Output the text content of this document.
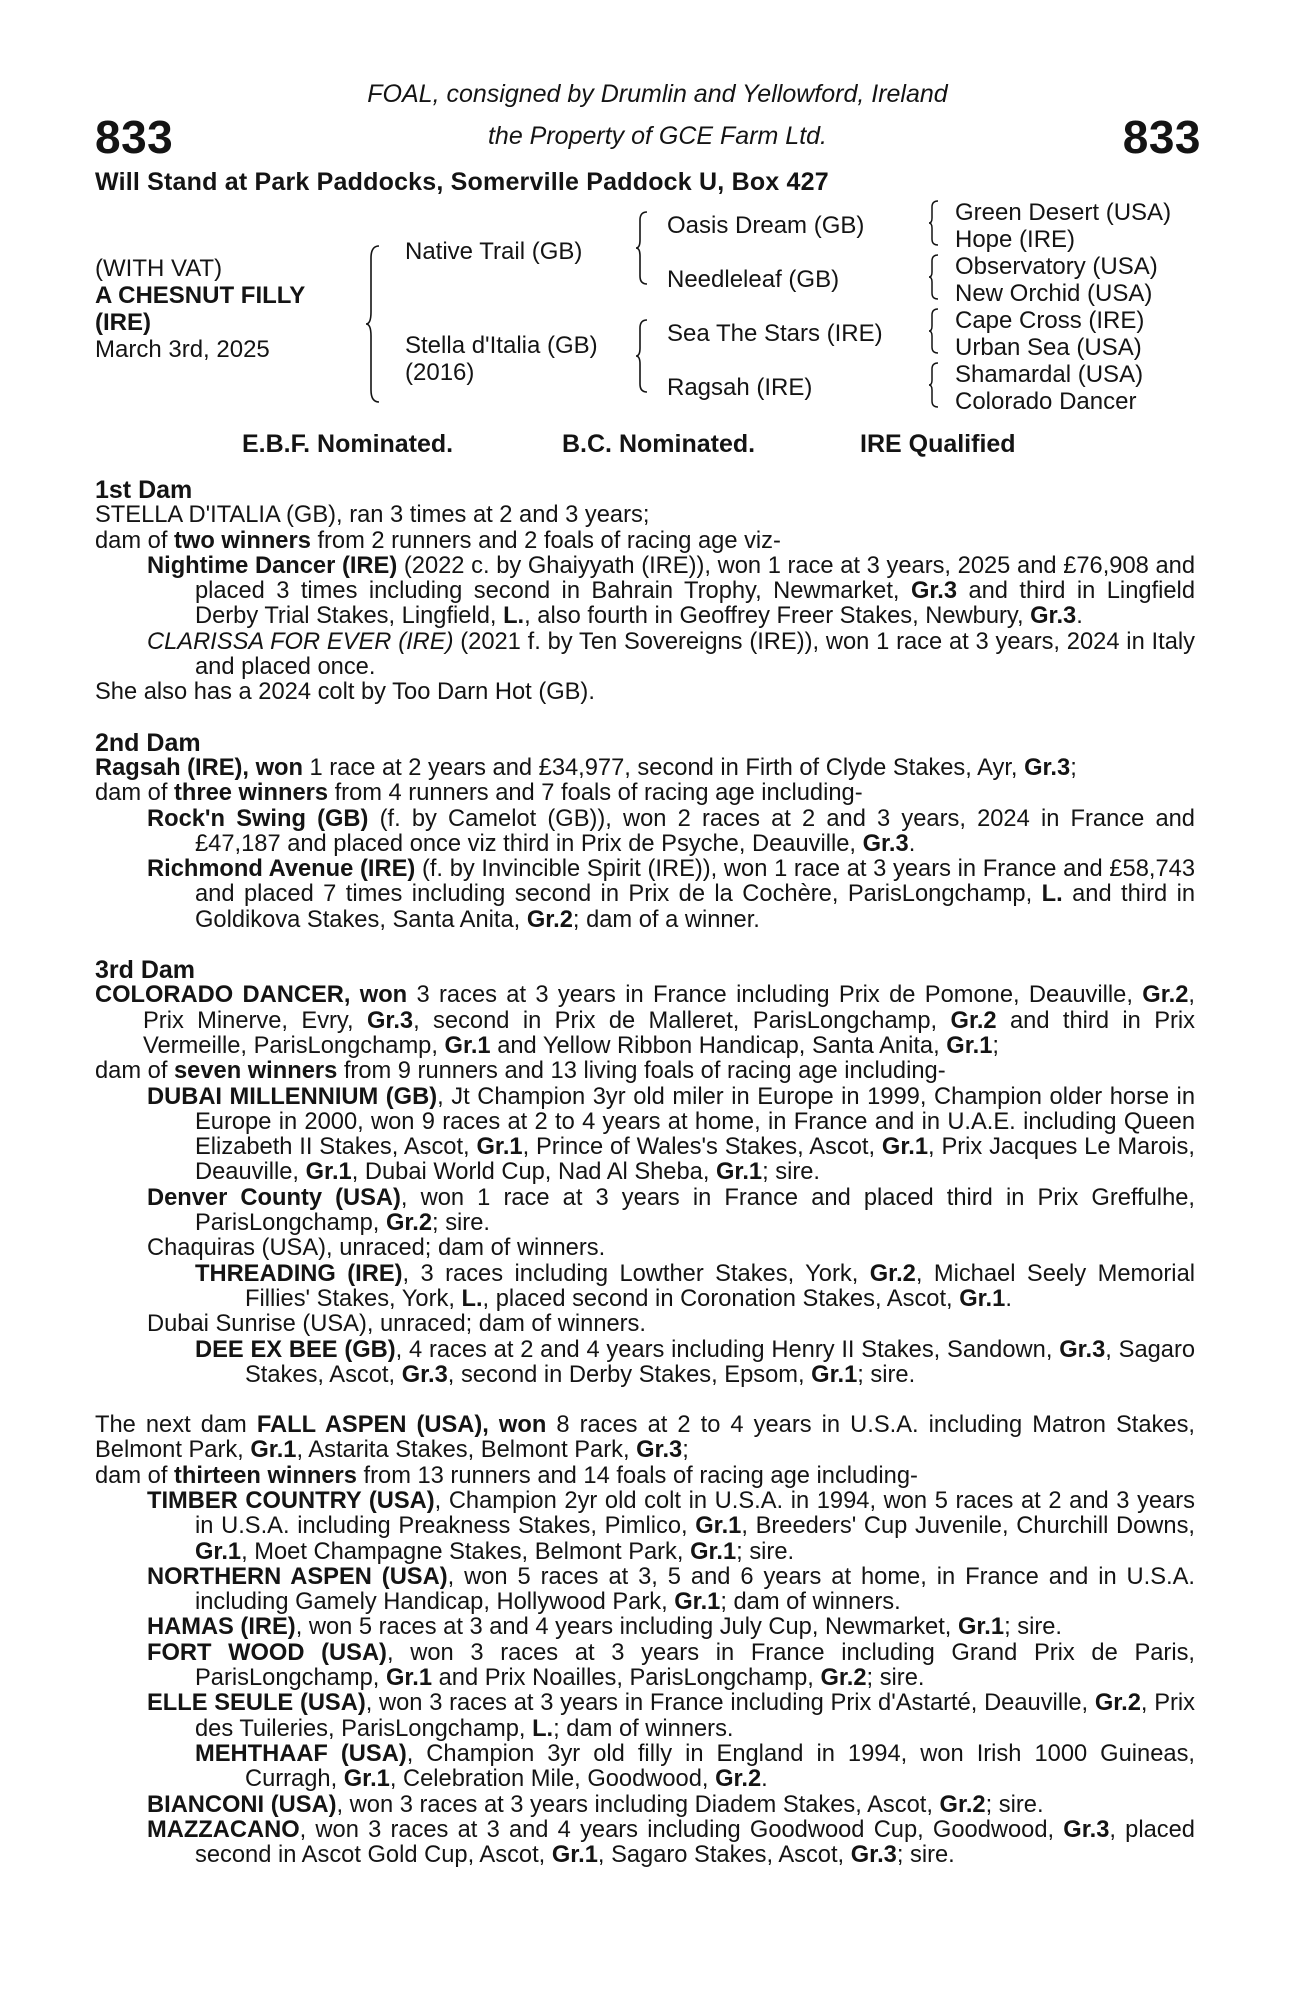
833	833
FOAL, consigned by Drumlin and Yellowford, Ireland
the Property of GCE Farm Ltd.
Will Stand at Park Paddocks, Somerville Paddock U, Box 427
(WITH VAT)
A CHESNUT FILLY
(IRE)
March 3rd, 2025
Native Trail (GB)
Stella d'Italia (GB)
(2016)
Oasis Dream (GB)
Needleleaf (GB)
Sea The Stars (IRE)
Ragsah (IRE)
Green Desert (USA)
Hope (IRE)
Observatory (USA)
New Orchid (USA)
Cape Cross (IRE)
Urban Sea (USA)
Shamardal (USA)
Colorado Dancer
E.B.F. Nominated.	B.C. Nominated.	IRE Qualified

1st Dam

STELLA D'ITALIA (GB), ran 3 times at 2 and 3 years;

dam of two winners from 2 runners and 2 foals of racing age viz-

Nightime Dancer (IRE) (2022 c. by Ghaiyyath (IRE)), won 1 race at 3 years, 2025 and £76,908 and placed 3 times including second in Bahrain Trophy, Newmarket, Gr.3 and third in Lingfield Derby Trial Stakes, Lingfield, L., also fourth in Geoffrey Freer Stakes, Newbury, Gr.3.

CLARISSA FOR EVER (IRE) (2021 f. by Ten Sovereigns (IRE)), won 1 race at 3 years, 2024 in Italy and placed once.

She also has a 2024 colt by Too Darn Hot (GB).

2nd Dam

Ragsah (IRE), won 1 race at 2 years and £34,977, second in Firth of Clyde Stakes, Ayr, Gr.3;

dam of three winners from 4 runners and 7 foals of racing age including-

Rock'n Swing (GB) (f. by Camelot (GB)), won 2 races at 2 and 3 years, 2024 in France and £47,187 and placed once viz third in Prix de Psyche, Deauville, Gr.3.

Richmond Avenue (IRE) (f. by Invincible Spirit (IRE)), won 1 race at 3 years in France and £58,743 and placed 7 times including second in Prix de la Cochère, ParisLongchamp, L. and third in Goldikova Stakes, Santa Anita, Gr.2; dam of a winner.

3rd Dam

COLORADO DANCER, won 3 races at 3 years in France including Prix de Pomone, Deauville, Gr.2, Prix Minerve, Evry, Gr.3, second in Prix de Malleret, ParisLongchamp, Gr.2 and third in Prix Vermeille, ParisLongchamp, Gr.1 and Yellow Ribbon Handicap, Santa Anita, Gr.1;

dam of seven winners from 9 runners and 13 living foals of racing age including-

DUBAI MILLENNIUM (GB), Jt Champion 3yr old miler in Europe in 1999, Champion older horse in Europe in 2000, won 9 races at 2 to 4 years at home, in France and in U.A.E. including Queen Elizabeth II Stakes, Ascot, Gr.1, Prince of Wales's Stakes, Ascot, Gr.1, Prix Jacques Le Marois, Deauville, Gr.1, Dubai World Cup, Nad Al Sheba, Gr.1; sire.

Denver County (USA), won 1 race at 3 years in France and placed third in Prix Greffulhe, ParisLongchamp, Gr.2; sire.

Chaquiras (USA), unraced; dam of winners.

THREADING (IRE), 3 races including Lowther Stakes, York, Gr.2, Michael Seely Memorial Fillies' Stakes, York, L., placed second in Coronation Stakes, Ascot, Gr.1.

Dubai Sunrise (USA), unraced; dam of winners.

DEE EX BEE (GB), 4 races at 2 and 4 years including Henry II Stakes, Sandown, Gr.3, Sagaro Stakes, Ascot, Gr.3, second in Derby Stakes, Epsom, Gr.1; sire.

The next dam FALL ASPEN (USA), won 8 races at 2 to 4 years in U.S.A. including Matron Stakes, Belmont Park, Gr.1, Astarita Stakes, Belmont Park, Gr.3;

dam of thirteen winners from 13 runners and 14 foals of racing age including-

TIMBER COUNTRY (USA), Champion 2yr old colt in U.S.A. in 1994, won 5 races at 2 and 3 years in U.S.A. including Preakness Stakes, Pimlico, Gr.1, Breeders' Cup Juvenile, Churchill Downs, Gr.1, Moet Champagne Stakes, Belmont Park, Gr.1; sire.

NORTHERN ASPEN (USA), won 5 races at 3, 5 and 6 years at home, in France and in U.S.A. including Gamely Handicap, Hollywood Park, Gr.1; dam of winners.

HAMAS (IRE), won 5 races at 3 and 4 years including July Cup, Newmarket, Gr.1; sire.

FORT WOOD (USA), won 3 races at 3 years in France including Grand Prix de Paris, ParisLongchamp, Gr.1 and Prix Noailles, ParisLongchamp, Gr.2; sire.

ELLE SEULE (USA), won 3 races at 3 years in France including Prix d'Astarté, Deauville, Gr.2, Prix des Tuileries, ParisLongchamp, L.; dam of winners.

MEHTHAAF (USA), Champion 3yr old filly in England in 1994, won Irish 1000 Guineas, Curragh, Gr.1, Celebration Mile, Goodwood, Gr.2.

BIANCONI (USA), won 3 races at 3 years including Diadem Stakes, Ascot, Gr.2; sire.

MAZZACANO, won 3 races at 3 and 4 years including Goodwood Cup, Goodwood, Gr.3, placed second in Ascot Gold Cup, Ascot, Gr.1, Sagaro Stakes, Ascot, Gr.3; sire.
